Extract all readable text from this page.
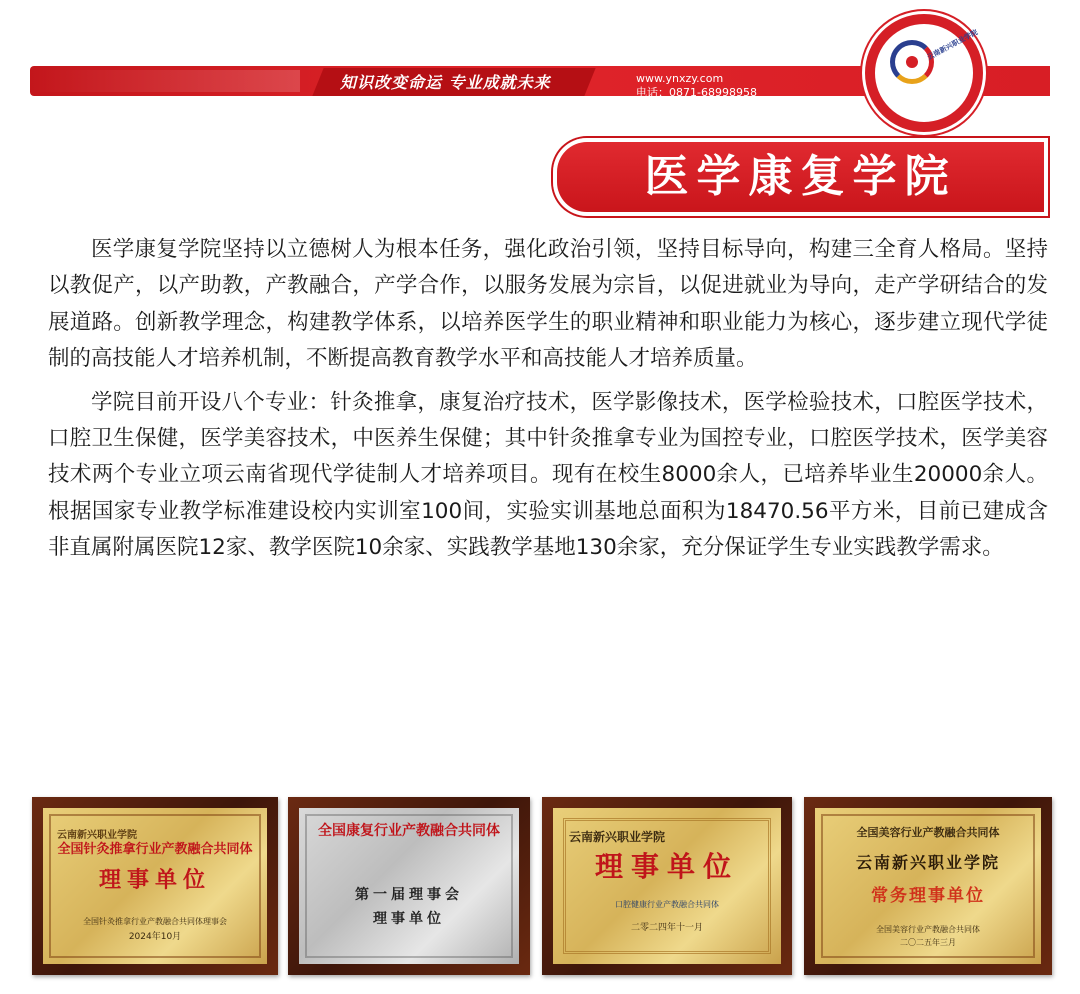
知识改变命运 专业成就未来	www.ynxzy.com
电话：0871-68998958
云南新兴职业学院
医学康复学院

医学康复学院坚持以立德树人为根本任务，强化政治引领，坚持目标导向，构建三全育人格局。坚持以教促产，以产助教，产教融合，产学合作，以服务发展为宗旨，以促进就业为导向，走产学研结合的发展道路。创新教学理念，构建教学体系，以培养医学生的职业精神和职业能力为核心，逐步建立现代学徒制的高技能人才培养机制，不断提高教育教学水平和高技能人才培养质量。

学院目前开设八个专业：针灸推拿，康复治疗技术，医学影像技术，医学检验技术，口腔医学技术，口腔卫生保健，医学美容技术，中医养生保健；其中针灸推拿专业为国控专业，口腔医学技术，医学美容技术两个专业立项云南省现代学徒制人才培养项目。现有在校生8000余人，已培养毕业生20000余人。根据国家专业教学标准建设校内实训室100间，实验实训基地总面积为18470.56平方米，目前已建成含非直属附属医院12家、教学医院10余家、实践教学基地130余家，充分保证学生专业实践教学需求。

云南新兴职业学院
全国针灸推拿行业产教融合共同体
理事单位
全国针灸推拿行业产教融合共同体理事会
2024年10月
全国康复行业产教融合共同体
第一届理事会
理事单位
云南新兴职业学院
理事单位
口腔健康行业产教融合共同体
二零二四年十一月
全国美容行业产教融合共同体
云南新兴职业学院
常务理事单位
全国美容行业产教融合共同体
二〇二五年三月
